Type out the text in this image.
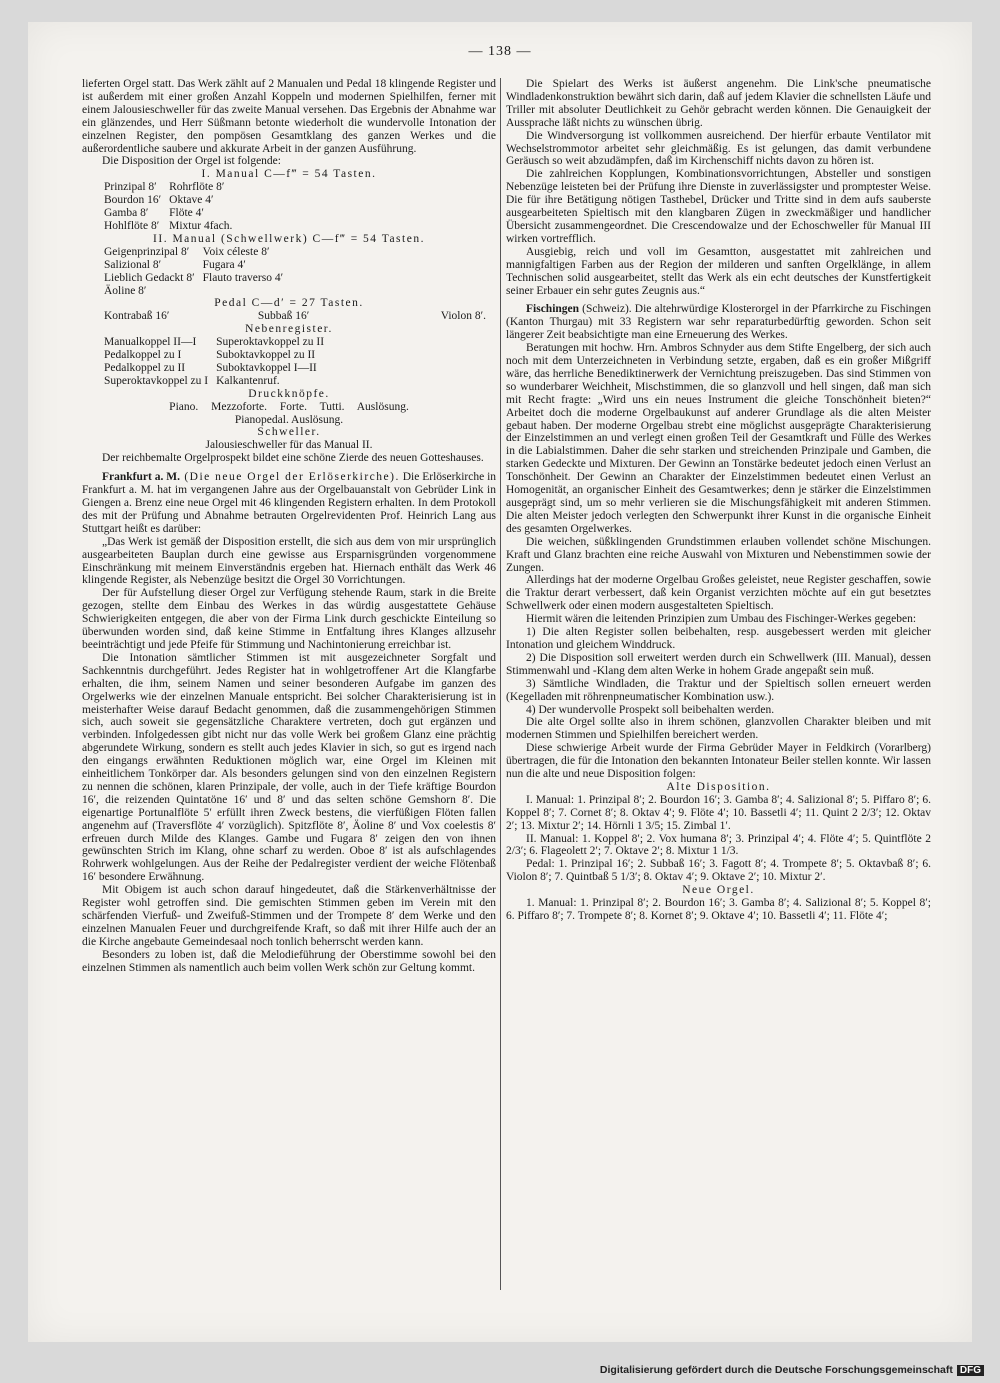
— 138 —

lieferten Orgel statt. Das Werk zählt auf 2 Manualen und Pedal 18 klingende Register und ist außerdem mit einer großen Anzahl Koppeln und modernen Spielhilfen, ferner mit einem Jalousieschweller für das zweite Manual versehen. Das Ergebnis der Abnahme war ein glänzendes, und Herr Süßmann betonte wiederholt die wundervolle Intonation der einzelnen Register, den pompösen Gesamtklang des ganzen Werkes und die außerordentliche saubere und akkurate Arbeit in der ganzen Ausführung.

Die Disposition der Orgel ist folgende:

I. Manual C—f‴ = 54 Tasten.

Prinzipal 8′	Rohrflöte 8′
Bourdon 16′	Oktave 4′
Gamba 8′	Flöte 4′
Hohlflöte 8′	Mixtur 4fach.

II. Manual (Schwellwerk) C—f‴ = 54 Tasten.

Geigenprinzipal 8′	Voix céleste 8′
Salizional 8′	Fugara 4′
Lieblich Gedackt 8′	Flauto traverso 4′
Äoline 8′	

Pedal C—d′ = 27 Tasten.

Kontrabaß 16′	Subbaß 16′	Violon 8′.

Nebenregister.

Manualkoppel II—I	Superoktavkoppel zu II
Pedalkoppel zu I	Suboktavkoppel zu II
Pedalkoppel zu II	Suboktavkoppel I—II
Superoktavkoppel zu I	Kalkantenruf.

Druckknöpfe.

Piano. Mezzoforte. Forte. Tutti. Auslösung.

Pianopedal. Auslösung.

Schweller.

Jalousieschweller für das Manual II.

Der reichbemalte Orgelprospekt bildet eine schöne Zierde des neuen Gotteshauses.

Frankfurt a. M. (Die neue Orgel der Erlöserkirche). Die Erlöserkirche in Frankfurt a. M. hat im vergangenen Jahre aus der Orgelbauanstalt von Gebrüder Link in Giengen a. Brenz eine neue Orgel mit 46 klingenden Registern erhalten. In dem Protokoll des mit der Prüfung und Abnahme betrauten Orgelrevidenten Prof. Heinrich Lang aus Stuttgart heißt es darüber:

„Das Werk ist gemäß der Disposition erstellt, die sich aus dem von mir ursprünglich ausgearbeiteten Bauplan durch eine gewisse aus Ersparnisgründen vorgenommene Einschränkung mit meinem Einverständnis ergeben hat. Hiernach enthält das Werk 46 klingende Register, als Nebenzüge besitzt die Orgel 30 Vorrichtungen.

Der für Aufstellung dieser Orgel zur Verfügung stehende Raum, stark in die Breite gezogen, stellte dem Einbau des Werkes in das würdig ausgestattete Gehäuse Schwierigkeiten entgegen, die aber von der Firma Link durch geschickte Einteilung so überwunden worden sind, daß keine Stimme in Entfaltung ihres Klanges allzusehr beeinträchtigt und jede Pfeife für Stimmung und Nachintonierung erreichbar ist.

Die Intonation sämtlicher Stimmen ist mit ausgezeichneter Sorgfalt und Sachkenntnis durchgeführt. Jedes Register hat in wohlgetroffener Art die Klangfarbe erhalten, die ihm, seinem Namen und seiner besonderen Aufgabe im ganzen des Orgelwerks wie der einzelnen Manuale entspricht. Bei solcher Charakterisierung ist in meisterhafter Weise darauf Bedacht genommen, daß die zusammengehörigen Stimmen sich, auch soweit sie gegensätzliche Charaktere vertreten, doch gut ergänzen und verbinden. Infolgedessen gibt nicht nur das volle Werk bei großem Glanz eine prächtig abgerundete Wirkung, sondern es stellt auch jedes Klavier in sich, so gut es irgend nach den eingangs erwähnten Reduktionen möglich war, eine Orgel im Kleinen mit einheitlichem Tonkörper dar. Als besonders gelungen sind von den einzelnen Registern zu nennen die schönen, klaren Prinzipale, der volle, auch in der Tiefe kräftige Bourdon 16′, die reizenden Quintatöne 16′ und 8′ und das selten schöne Gemshorn 8′. Die eigenartige Portunalflöte 5′ erfüllt ihren Zweck bestens, die vierfüßigen Flöten fallen angenehm auf (Traversflöte 4′ vorzüglich). Spitzflöte 8′, Äoline 8′ und Vox coelestis 8′ erfreuen durch Milde des Klanges. Gambe und Fugara 8′ zeigen den von ihnen gewünschten Strich im Klang, ohne scharf zu werden. Oboe 8′ ist als aufschlagendes Rohrwerk wohlgelungen. Aus der Reihe der Pedalregister verdient der weiche Flötenbaß 16′ besondere Erwähnung.

Mit Obigem ist auch schon darauf hingedeutet, daß die Stärkenverhältnisse der Register wohl getroffen sind. Die gemischten Stimmen geben im Verein mit den schärfenden Vierfuß- und Zweifuß-Stimmen und der Trompete 8′ dem Werke und den einzelnen Manualen Feuer und durchgreifende Kraft, so daß mit ihrer Hilfe auch der an die Kirche angebaute Gemeindesaal noch tonlich beherrscht werden kann.

Besonders zu loben ist, daß die Melodieführung der Oberstimme sowohl bei den einzelnen Stimmen als namentlich auch beim vollen Werk schön zur Geltung kommt.

Die Spielart des Werks ist äußerst angenehm. Die Link'sche pneumatische Windladenkonstruktion bewährt sich darin, daß auf jedem Klavier die schnellsten Läufe und Triller mit absoluter Deutlichkeit zu Gehör gebracht werden können. Die Genauigkeit der Aussprache läßt nichts zu wünschen übrig.

Die Windversorgung ist vollkommen ausreichend. Der hierfür erbaute Ventilator mit Wechselstrommotor arbeitet sehr gleichmäßig. Es ist gelungen, das damit verbundene Geräusch so weit abzudämpfen, daß im Kirchenschiff nichts davon zu hören ist.

Die zahlreichen Kopplungen, Kombinationsvorrichtungen, Absteller und sonstigen Nebenzüge leisteten bei der Prüfung ihre Dienste in zuverlässigster und promptester Weise. Die für ihre Betätigung nötigen Tasthebel, Drücker und Tritte sind in dem aufs sauberste ausgearbeiteten Spieltisch mit den klangbaren Zügen in zweckmäßiger und handlicher Übersicht zusammengeordnet. Die Crescendowalze und der Echoschweller für Manual III wirken vortrefflich.

Ausgiebig, reich und voll im Gesamtton, ausgestattet mit zahlreichen und mannigfaltigen Farben aus der Region der milderen und sanften Orgelklänge, in allem Technischen solid ausgearbeitet, stellt das Werk als ein echt deutsches der Kunstfertigkeit seiner Erbauer ein sehr gutes Zeugnis aus.“

Fischingen (Schweiz). Die altehrwürdige Klosterorgel in der Pfarrkirche zu Fischingen (Kanton Thurgau) mit 33 Registern war sehr reparaturbedürftig geworden. Schon seit längerer Zeit beabsichtigte man eine Erneuerung des Werkes.

Beratungen mit hochw. Hrn. Ambros Schnyder aus dem Stifte Engelberg, der sich auch noch mit dem Unterzeichneten in Verbindung setzte, ergaben, daß es ein großer Mißgriff wäre, das herrliche Benediktinerwerk der Vernichtung preiszugeben. Das sind Stimmen von so wunderbarer Weichheit, Mischstimmen, die so glanzvoll und hell singen, daß man sich mit Recht fragte: „Wird uns ein neues Instrument die gleiche Tonschönheit bieten?“ Arbeitet doch die moderne Orgelbaukunst auf anderer Grundlage als die alten Meister gebaut haben. Der moderne Orgelbau strebt eine möglichst ausgeprägte Charakterisierung der Einzelstimmen an und verlegt einen großen Teil der Gesamtkraft und Fülle des Werkes in die Labialstimmen. Daher die sehr starken und streichenden Prinzipale und Gamben, die starken Gedeckte und Mixturen. Der Gewinn an Tonstärke bedeutet jedoch einen Verlust an Tonschönheit. Der Gewinn an Charakter der Einzelstimmen bedeutet einen Verlust an Homogenität, an organischer Einheit des Gesamtwerkes; denn je stärker die Einzelstimmen ausgeprägt sind, um so mehr verlieren sie die Mischungsfähigkeit mit anderen Stimmen. Die alten Meister jedoch verlegten den Schwerpunkt ihrer Kunst in die organische Einheit des gesamten Orgelwerkes.

Die weichen, süßklingenden Grundstimmen erlauben vollendet schöne Mischungen. Kraft und Glanz brachten eine reiche Auswahl von Mixturen und Nebenstimmen sowie der Zungen.

Allerdings hat der moderne Orgelbau Großes geleistet, neue Register geschaffen, sowie die Traktur derart verbessert, daß kein Organist verzichten möchte auf ein gut besetztes Schwellwerk oder einen modern ausgestalteten Spieltisch.

Hiermit wären die leitenden Prinzipien zum Umbau des Fischinger-Werkes gegeben:

1) Die alten Register sollen beibehalten, resp. ausgebessert werden mit gleicher Intonation und gleichem Winddruck.

2) Die Disposition soll erweitert werden durch ein Schwellwerk (III. Manual), dessen Stimmenwahl und -Klang dem alten Werke in hohem Grade angepaßt sein muß.

3) Sämtliche Windladen, die Traktur und der Spieltisch sollen erneuert werden (Kegelladen mit röhrenpneumatischer Kombination usw.).

4) Der wundervolle Prospekt soll beibehalten werden.

Die alte Orgel sollte also in ihrem schönen, glanzvollen Charakter bleiben und mit modernen Stimmen und Spielhilfen bereichert werden.

Diese schwierige Arbeit wurde der Firma Gebrüder Mayer in Feldkirch (Vorarlberg) übertragen, die für die Intonation den bekannten Intonateur Beiler stellen konnte. Wir lassen nun die alte und neue Disposition folgen:

Alte Disposition.

I. Manual: 1. Prinzipal 8′; 2. Bourdon 16′; 3. Gamba 8′; 4. Salizional 8′; 5. Piffaro 8′; 6. Koppel 8′; 7. Cornet 8′; 8. Oktav 4′; 9. Flöte 4′; 10. Bassetli 4′; 11. Quint 2 2/3′; 12. Oktav 2′; 13. Mixtur 2′; 14. Hörnli 1 3/5; 15. Zimbal 1′.

II. Manual: 1. Koppel 8′; 2. Vox humana 8′; 3. Prinzipal 4′; 4. Flöte 4′; 5. Quintflöte 2 2/3′; 6. Flageolett 2′; 7. Oktave 2′; 8. Mixtur 1 1/3.

Pedal: 1. Prinzipal 16′; 2. Subbaß 16′; 3. Fagott 8′; 4. Trompete 8′; 5. Oktavbaß 8′; 6. Violon 8′; 7. Quintbaß 5 1/3′; 8. Oktav 4′; 9. Oktave 2′; 10. Mixtur 2′.

Neue Orgel.

1. Manual: 1. Prinzipal 8′; 2. Bourdon 16′; 3. Gamba 8′; 4. Salizional 8′; 5. Koppel 8′; 6. Piffaro 8′; 7. Trompete 8′; 8. Kornet 8′; 9. Oktave 4′; 10. Bassetli 4′; 11. Flöte 4′;

Digitalisierung gefördert durch die Deutsche Forschungsgemeinschaft DFG
